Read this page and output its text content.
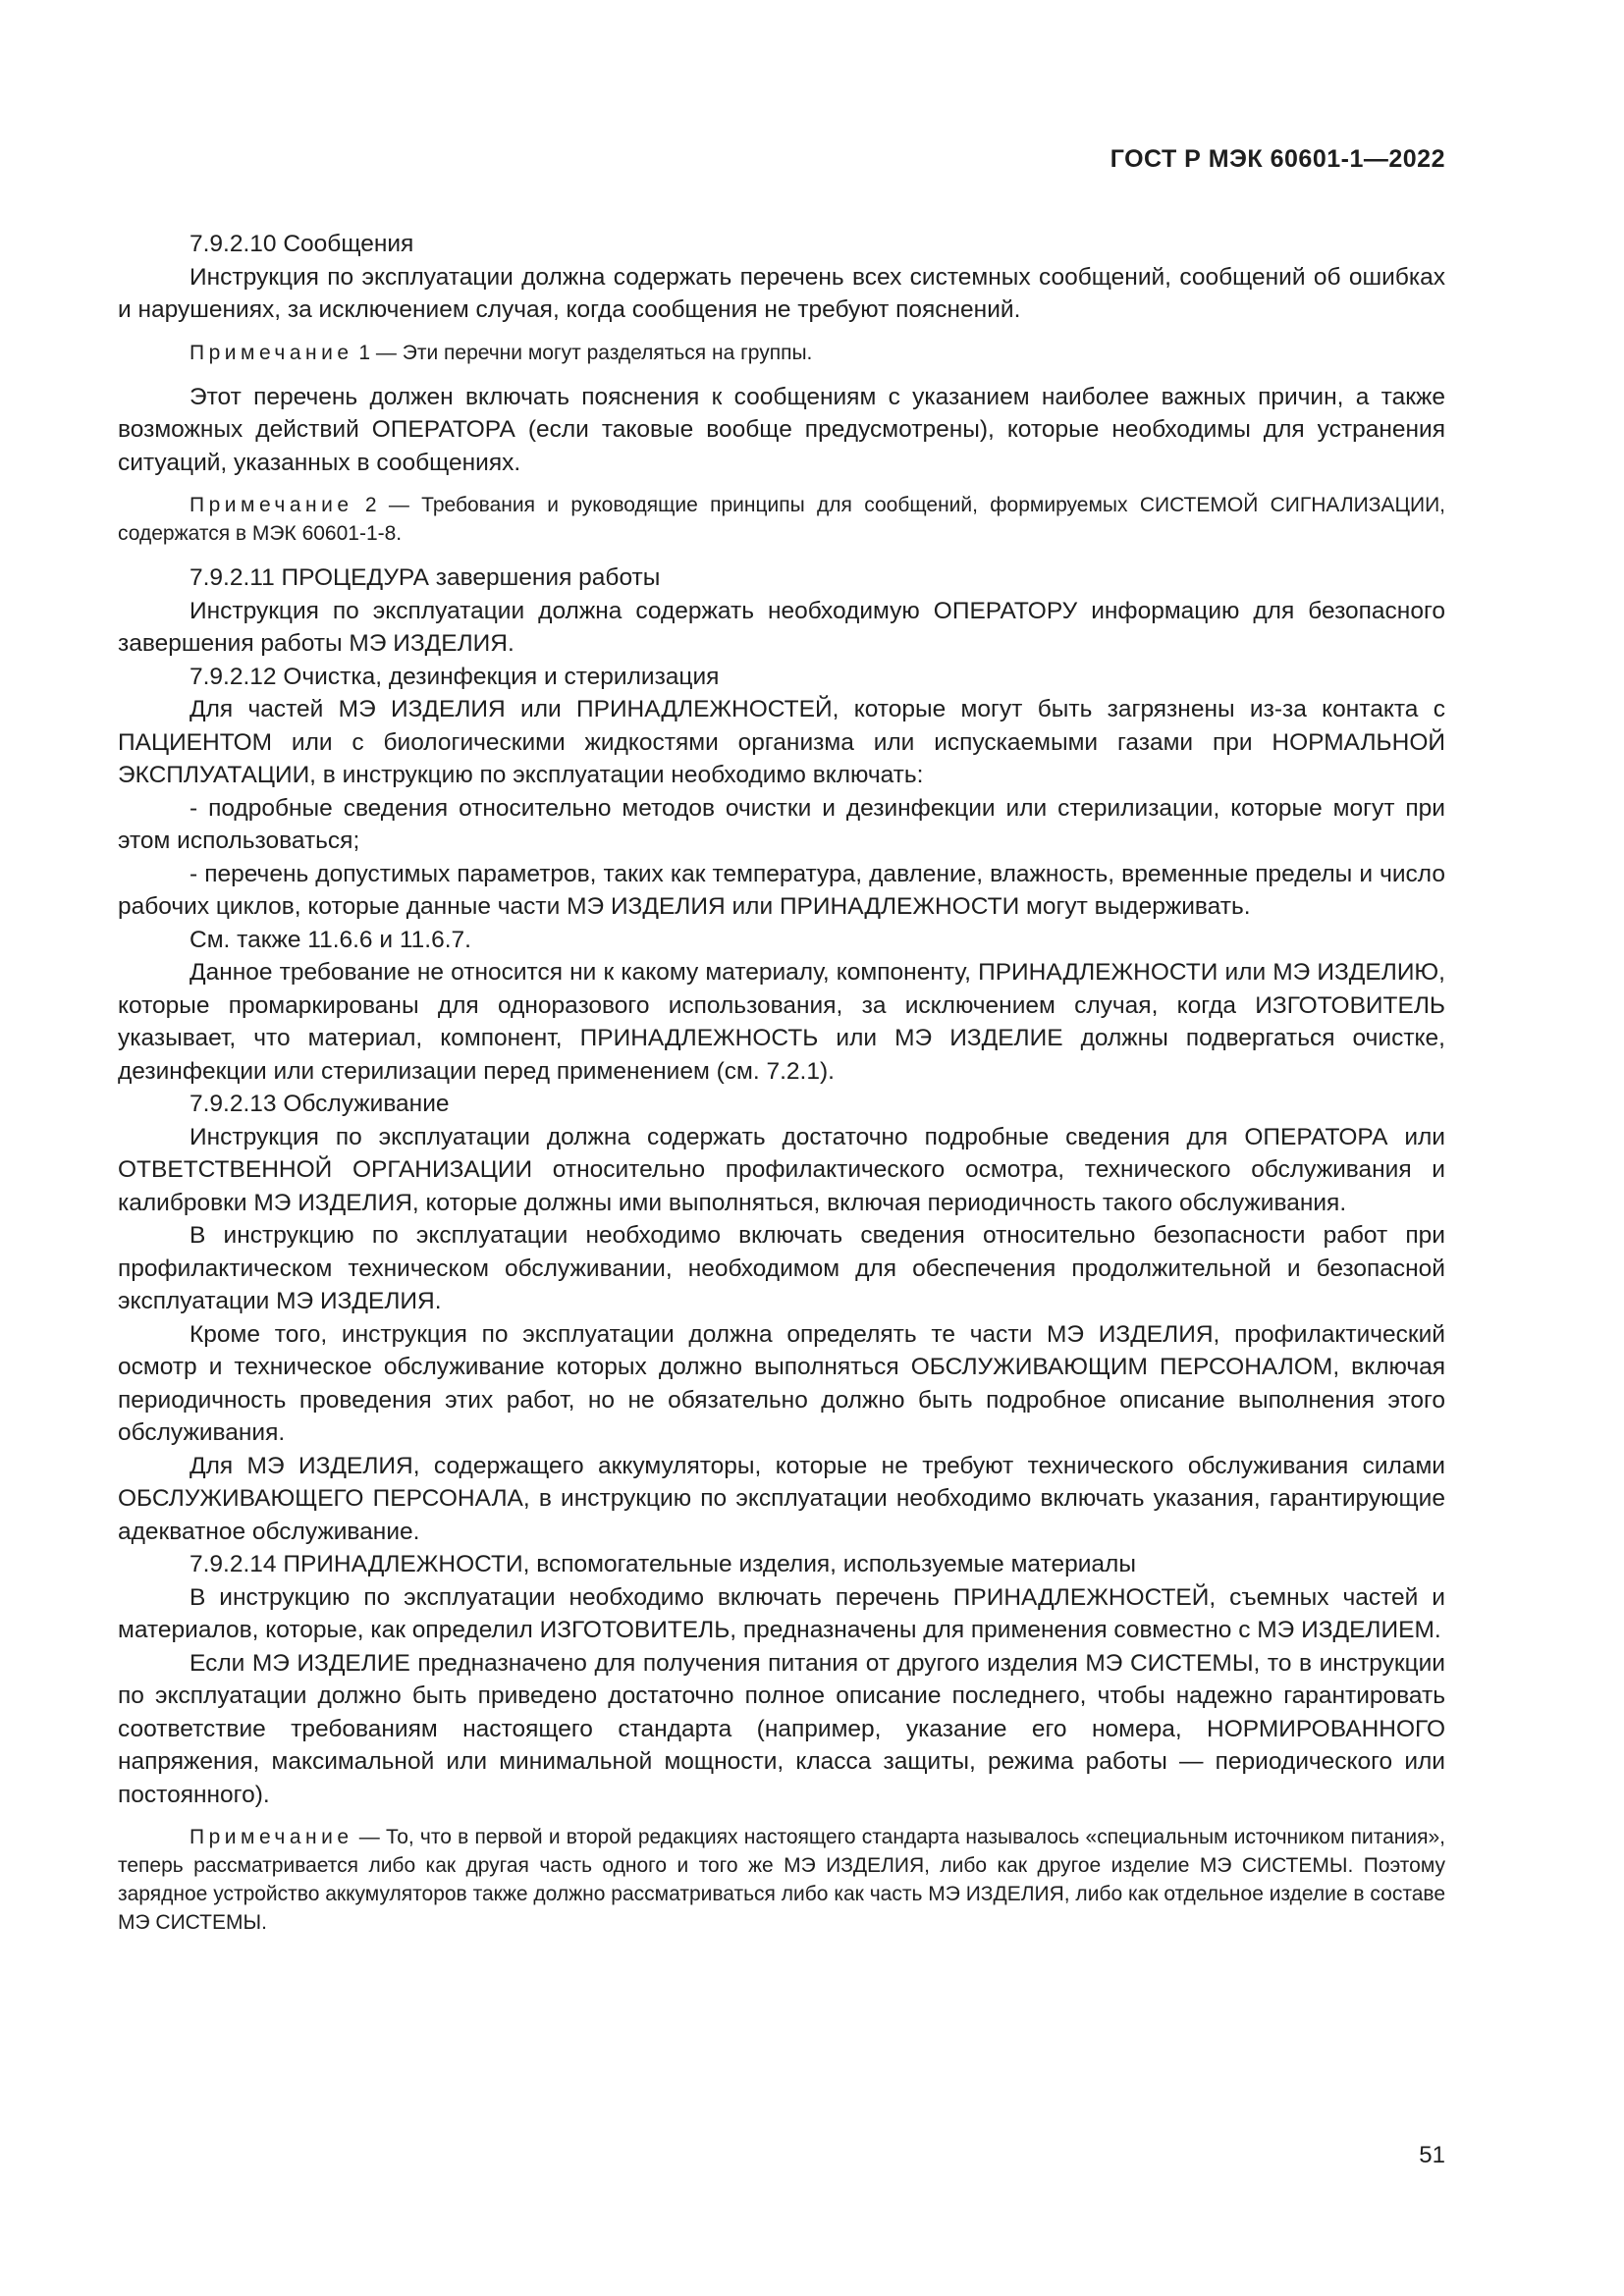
ГОСТ Р МЭК 60601-1—2022

7.9.2.10 Сообщения

Инструкция по эксплуатации должна содержать перечень всех системных сообщений, сообщений об ошибках и нарушениях, за исключением случая, когда сообщения не требуют пояснений.

Примечание 1 — Эти перечни могут разделяться на группы.

Этот перечень должен включать пояснения к сообщениям с указанием наиболее важных причин, а также возможных действий ОПЕРАТОРА (если таковые вообще предусмотрены), которые необходимы для устранения ситуаций, указанных в сообщениях.

Примечание 2 — Требования и руководящие принципы для сообщений, формируемых СИСТЕМОЙ СИГНАЛИЗАЦИИ, содержатся в МЭК 60601-1-8.

7.9.2.11 ПРОЦЕДУРА завершения работы

Инструкция по эксплуатации должна содержать необходимую ОПЕРАТОРУ информацию для безопасного завершения работы МЭ ИЗДЕЛИЯ.

7.9.2.12 Очистка, дезинфекция и стерилизация

Для частей МЭ ИЗДЕЛИЯ или ПРИНАДЛЕЖНОСТЕЙ, которые могут быть загрязнены из-за контакта с ПАЦИЕНТОМ или с биологическими жидкостями организма или испускаемыми газами при НОРМАЛЬНОЙ ЭКСПЛУАТАЦИИ, в инструкцию по эксплуатации необходимо включать:

- подробные сведения относительно методов очистки и дезинфекции или стерилизации, которые могут при этом использоваться;

- перечень допустимых параметров, таких как температура, давление, влажность, временные пределы и число рабочих циклов, которые данные части МЭ ИЗДЕЛИЯ или ПРИНАДЛЕЖНОСТИ могут выдерживать.

См. также 11.6.6 и 11.6.7.

Данное требование не относится ни к какому материалу, компоненту, ПРИНАДЛЕЖНОСТИ или МЭ ИЗДЕЛИЮ, которые промаркированы для одноразового использования, за исключением случая, когда ИЗГОТОВИТЕЛЬ указывает, что материал, компонент, ПРИНАДЛЕЖНОСТЬ или МЭ ИЗДЕЛИЕ должны подвергаться очистке, дезинфекции или стерилизации перед применением (см. 7.2.1).

7.9.2.13 Обслуживание

Инструкция по эксплуатации должна содержать достаточно подробные сведения для ОПЕРАТОРА или ОТВЕТСТВЕННОЙ ОРГАНИЗАЦИИ относительно профилактического осмотра, технического обслуживания и калибровки МЭ ИЗДЕЛИЯ, которые должны ими выполняться, включая периодичность такого обслуживания.

В инструкцию по эксплуатации необходимо включать сведения относительно безопасности работ при профилактическом техническом обслуживании, необходимом для обеспечения продолжительной и безопасной эксплуатации МЭ ИЗДЕЛИЯ.

Кроме того, инструкция по эксплуатации должна определять те части МЭ ИЗДЕЛИЯ, профилактический осмотр и техническое обслуживание которых должно выполняться ОБСЛУЖИВАЮЩИМ ПЕРСОНАЛОМ, включая периодичность проведения этих работ, но не обязательно должно быть подробное описание выполнения этого обслуживания.

Для МЭ ИЗДЕЛИЯ, содержащего аккумуляторы, которые не требуют технического обслуживания силами ОБСЛУЖИВАЮЩЕГО ПЕРСОНАЛА, в инструкцию по эксплуатации необходимо включать указания, гарантирующие адекватное обслуживание.

7.9.2.14 ПРИНАДЛЕЖНОСТИ, вспомогательные изделия, используемые материалы

В инструкцию по эксплуатации необходимо включать перечень ПРИНАДЛЕЖНОСТЕЙ, съемных частей и материалов, которые, как определил ИЗГОТОВИТЕЛЬ, предназначены для применения совместно с МЭ ИЗДЕЛИЕМ.

Если МЭ ИЗДЕЛИЕ предназначено для получения питания от другого изделия МЭ СИСТЕМЫ, то в инструкции по эксплуатации должно быть приведено достаточно полное описание последнего, чтобы надежно гарантировать соответствие требованиям настоящего стандарта (например, указание его номера, НОРМИРОВАННОГО напряжения, максимальной или минимальной мощности, класса защиты, режима работы — периодического или постоянного).

Примечание — То, что в первой и второй редакциях настоящего стандарта называлось «специальным источником питания», теперь рассматривается либо как другая часть одного и того же МЭ ИЗДЕЛИЯ, либо как другое изделие МЭ СИСТЕМЫ. Поэтому зарядное устройство аккумуляторов также должно рассматриваться либо как часть МЭ ИЗДЕЛИЯ, либо как отдельное изделие в составе МЭ СИСТЕМЫ.

51
